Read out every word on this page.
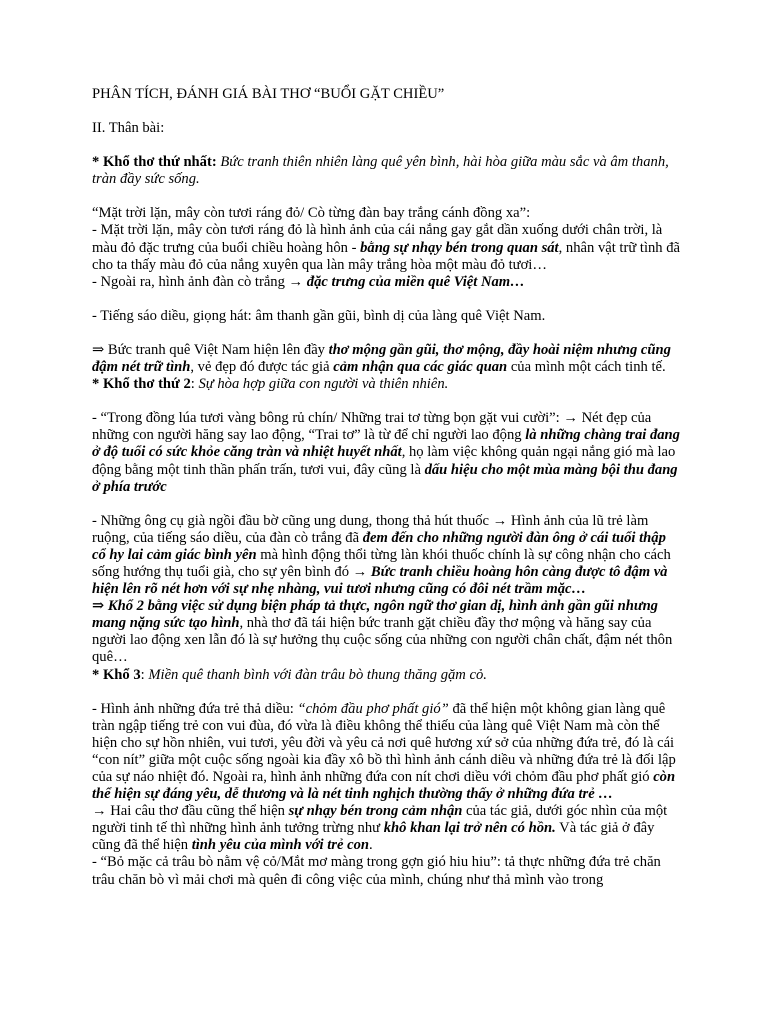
PHÂN TÍCH, ĐÁNH GIÁ BÀI THƠ “BUỔI GẶT CHIỀU”

II. Thân bài:

* Khổ thơ thứ nhất: Bức tranh thiên nhiên làng quê yên bình, hài hòa giữa màu sắc và âm thanh, tràn đầy sức sống.

“Mặt trời lặn, mây còn tươi ráng đỏ/ Cò từng đàn bay trắng cánh đồng xa”:

- Mặt trời lặn, mây còn tươi ráng đỏ là hình ảnh của cái nắng gay gắt dần xuống dưới chân trời, là màu đỏ đặc trưng của buổi chiều hoàng hôn - bằng sự nhạy bén trong quan sát, nhân vật trữ tình đã cho ta thấy màu đỏ của nắng xuyên qua làn mây trắng hòa một màu đỏ tươi…

- Ngoài ra, hình ảnh đàn cò trắng → đặc trưng của miền quê Việt Nam…

- Tiếng sáo diều, giọng hát: âm thanh gần gũi, bình dị của làng quê Việt Nam.

⇒ Bức tranh quê Việt Nam hiện lên đầy thơ mộng gần gũi, thơ mộng, đầy hoài niệm nhưng cũng đậm nét trữ tình, vẻ đẹp đó được tác giả cảm nhận qua các giác quan của mình một cách tinh tế.

* Khổ thơ thứ 2: Sự hòa hợp giữa con người và thiên nhiên.

- “Trong đồng lúa tươi vàng bông rủ chín/ Những trai tơ từng bọn gặt vui cười”: → Nét đẹp của những con người hăng say lao động, “Trai tơ” là từ để chỉ người lao động là những chàng trai đang ở độ tuổi có sức khỏe căng tràn và nhiệt huyết nhất, họ làm việc không quản ngại nắng gió mà lao động bằng một tinh thần phấn trấn, tươi vui, đây cũng là dấu hiệu cho một mùa màng bội thu đang ở phía trước

- Những ông cụ già ngồi đầu bờ cũng ung dung, thong thả hút thuốc → Hình ảnh của lũ trẻ làm ruộng, của tiếng sáo diều, của đàn cò trắng đã đem đến cho những người đàn ông ở cái tuổi thập cổ hy lai cảm giác bình yên mà hình động thổi từng làn khói thuốc chính là sự công nhận cho cách sống hướng thụ tuổi già, cho sự yên bình đó → Bức tranh chiều hoàng hôn càng được tô đậm và hiện lên rõ nét hơn với sự nhẹ nhàng, vui tươi nhưng cũng có đôi nét trầm mặc…

⇒ Khổ 2 bằng việc sử dụng biện pháp tả thực, ngôn ngữ thơ gian dị, hình ảnh gần gũi nhưng mang nặng sức tạo hình, nhà thơ đã tái hiện bức tranh gặt chiều đầy thơ mộng và hăng say của người lao động xen lẫn đó là sự hưởng thụ cuộc sống của những con người chân chất, đậm nét thôn quê…

* Khổ 3: Miền quê thanh bình với đàn trâu bò thung thăng gặm cỏ.

- Hình ảnh những đứa trẻ thả diều: “chỏm đầu phơ phất gió” đã thể hiện một không gian làng quê tràn ngập tiếng trẻ con vui đùa, đó vừa là điều không thể thiếu của làng quê Việt Nam mà còn thể hiện cho sự hồn nhiên, vui tươi, yêu đời và yêu cả nơi quê hương xứ sở của những đứa trẻ, đó là cái “con nít” giữa một cuộc sống ngoài kia đầy xô bồ thì hình ảnh cánh diều và những đứa trẻ là đối lập của sự náo nhiệt đó. Ngoài ra, hình ảnh những đứa con nít chơi diều với chỏm đầu phơ phất gió còn thể hiện sự đáng yêu, dễ thương và là nét tinh nghịch thường thấy ở những đứa trẻ …

→ Hai câu thơ đầu cũng thể hiện sự nhạy bén trong cảm nhận của tác giả, dưới góc nhìn của một người tinh tế thì những hình ảnh tưởng trừng như khô khan lại trở nên có hồn. Và tác giả ở đây cũng đã thể hiện tình yêu của mình với trẻ con.

- “Bỏ mặc cả trâu bò nằm vệ cỏ/Mắt mơ màng trong gợn gió hiu hiu”: tả thực những đứa trẻ chăn trâu chăn bò vì mải chơi mà quên đi công việc của mình, chúng như thả mình vào trong
